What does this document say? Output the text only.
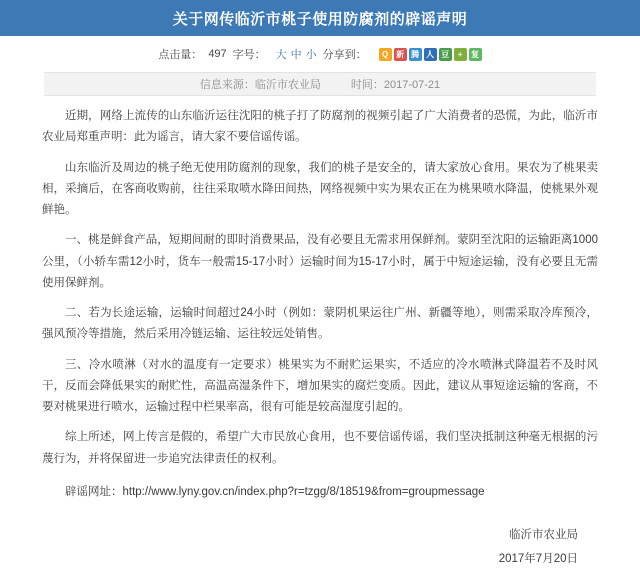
关于网传临沂市桃子使用防腐剂的辟谣声明
点击量： 497 字号： 大 中 小 分享到：	Q 新 腾 人 豆	+	复
信息来源：临沂市农业局	时间：2017-07-21

近期，网络上流传的山东临沂运往沈阳的桃子打了防腐剂的视频引起了广大消费者的恐慌，为此，临沂市农业局郑重声明：此为谣言，请大家不要信谣传谣。

山东临沂及周边的桃子绝无使用防腐剂的现象，我们的桃子是安全的，请大家放心食用。果农为了桃果卖相，采摘后，在客商收购前，往往采取喷水降田间热，网络视频中实为果农正在为桃果喷水降温，使桃果外观鲜艳。

一、桃是鲜食产品，短期间耐的即时消费果品，没有必要且无需求用保鲜剂。蒙阴至沈阳的运输距离1000公里，（小轿车需12小时，货车一般需15-17小时）运输时间为15-17小时，属于中短途运输，没有必要且无需使用保鲜剂。

二、若为长途运输，运输时间超过24小时（例如：蒙阴机果运往广州、新疆等地），则需采取冷库预冷，强风预冷等措施，然后采用冷链运输、运往较远处销售。

三、冷水喷淋（对水的温度有一定要求）桃果实为不耐贮运果实，不适应的冷水喷淋式降温若不及时风干，反而会降低果实的耐贮性，高温高湿条件下，增加果实的腐烂变质。因此，建议从事短途运输的客商，不要对桃果进行喷水，运输过程中栏果率高，很有可能是较高湿度引起的。

综上所述，网上传言是假的，希望广大市民放心食用，也不要信谣传谣，我们坚决抵制这种毫无根据的污蔑行为，并将保留进一步追究法律责任的权利。

辟谣网址：http://www.lyny.gov.cn/index.php?r=tzgg/8/18519&from=groupmessage
临沂市农业局
2017年7月20日
